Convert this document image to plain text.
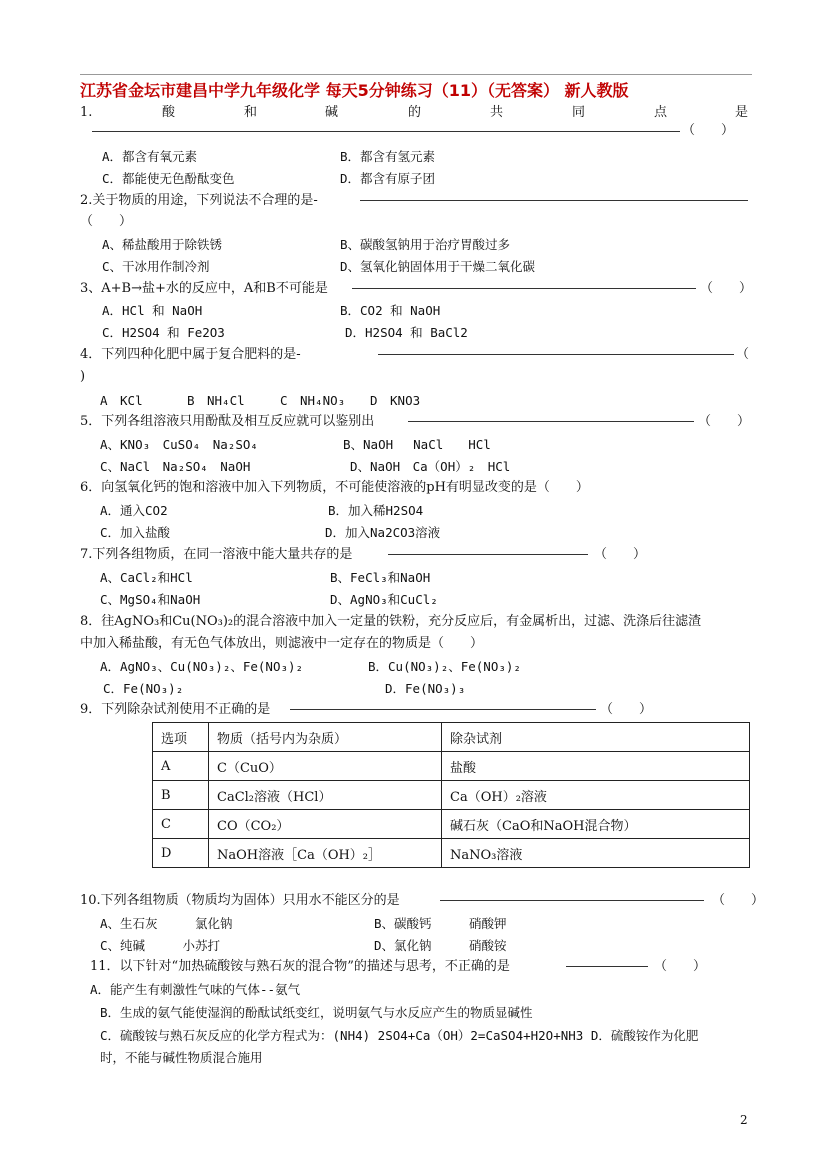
江苏省金坛市建昌中学九年级化学 每天5分钟练习（11）（无答案） 新人教版
1.	酸	和	碱	的	共	同	点	是
（　　）
A．都含有氧元素	B．都含有氢元素
C．都能使无色酚酞变色	D．都含有原子团
2.关于物质的用途，下列说法不合理的是-
（　　）
A、稀盐酸用于除铁锈	B、碳酸氢钠用于治疗胃酸过多
C、干冰用作制冷剂	D、氢氧化钠固体用于干燥二氧化碳
3、A+B→盐+水的反应中，A和B不可能是	（　　）
A．HCl 和 NaOH	B．CO2 和 NaOH
C．H2SO4 和 Fe2O3	D．H2SO4 和 BaCl2
4．下列四种化肥中属于复合肥料的是-	（
)
A　KCl	B　NH₄Cl	C　NH₄NO₃ D　KNO3
5．下列各组溶液只用酚酞及相互反应就可以鉴别出	（　　）
A、KNO₃　CuSO₄　Na₂SO₄	B、NaOH　 NaCl　　HCl
C、NaCl　Na₂SO₄　NaOH	D、NaOH　Ca（OH）₂　HCl
6．向氢氧化钙的饱和溶液中加入下列物质，不可能使溶液的pH有明显改变的是（　　）
A．通入CO2	B．加入稀H2SO4
C．加入盐酸	D．加入Na2CO3溶液
7.下列各组物质，在同一溶液中能大量共存的是	（　　）
A、CaCl₂和HCl	B、FeCl₃和NaOH
C、MgSO₄和NaOH	D、AgNO₃和CuCl₂
8．往AgNO₃和Cu(NO₃)₂的混合溶液中加入一定量的铁粉，充分反应后，有金属析出，过滤、洗涤后往滤渣
中加入稀盐酸，有无色气体放出，则滤液中一定存在的物质是（　　）
A．AgNO₃、Cu(NO₃)₂、Fe(NO₃)₂	B．Cu(NO₃)₂、Fe(NO₃)₂
C．Fe(NO₃)₂	D．Fe(NO₃)₃
9．下列除杂试剂使用不正确的是	（　　）
选项	物质（括号内为杂质）	除杂试剂
A	C（CuO）	盐酸
B	CaCl₂溶液（HCl）	Ca（OH）₂溶液
C	CO（CO₂）	碱石灰（CaO和NaOH混合物）
D	NaOH溶液［Ca（OH）₂］	NaNO₃溶液
10.下列各组物质（物质均为固体）只用水不能区分的是	（　　）
A、生石灰　　　氯化钠	B、碳酸钙　　　硝酸钾
C、纯碱　　　小苏打	D、氯化钠　　　硝酸铵
11．以下针对“加热硫酸铵与熟石灰的混合物”的描述与思考，不正确的是	（　　）
A．能产生有刺激性气味的气体--氨气
B．生成的氨气能使湿润的酚酞试纸变红，说明氨气与水反应产生的物质显碱性
C．硫酸铵与熟石灰反应的化学方程式为：(NH4) 2SO4+Ca（OH）2=CaSO4+H2O+NH3 D．硫酸铵作为化肥
时，不能与碱性物质混合施用
2
